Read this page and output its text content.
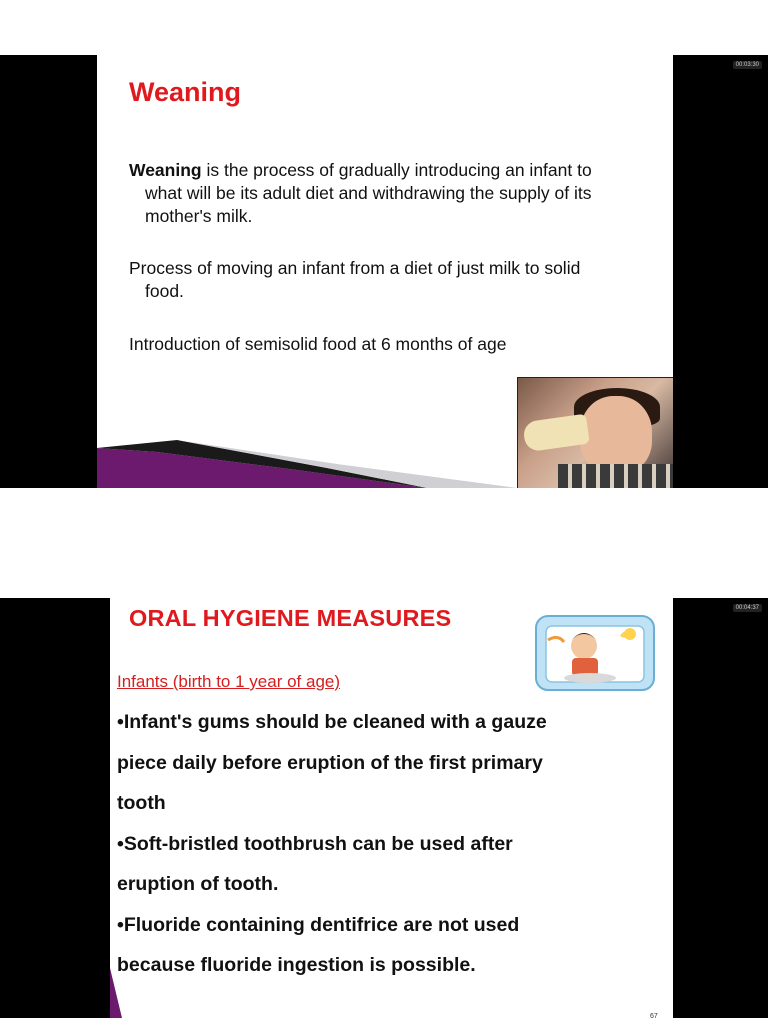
00:03:30
Weaning
Weaning is the process of gradually introducing an infant to
what will be its adult diet and withdrawing the supply of its
mother's milk.
Process of moving an infant from a diet of just milk to solid
food.
Introduction of semisolid food at 6 months of age
00:04:37
ORAL HYGIENE MEASURES
Infants (birth to 1 year of age)
•Infant's gums should be cleaned with a gauze
piece daily before eruption of the first primary
tooth
•Soft-bristled toothbrush can be used after
eruption of tooth.
•Fluoride containing dentifrice are not used
because fluoride ingestion is possible.
67
